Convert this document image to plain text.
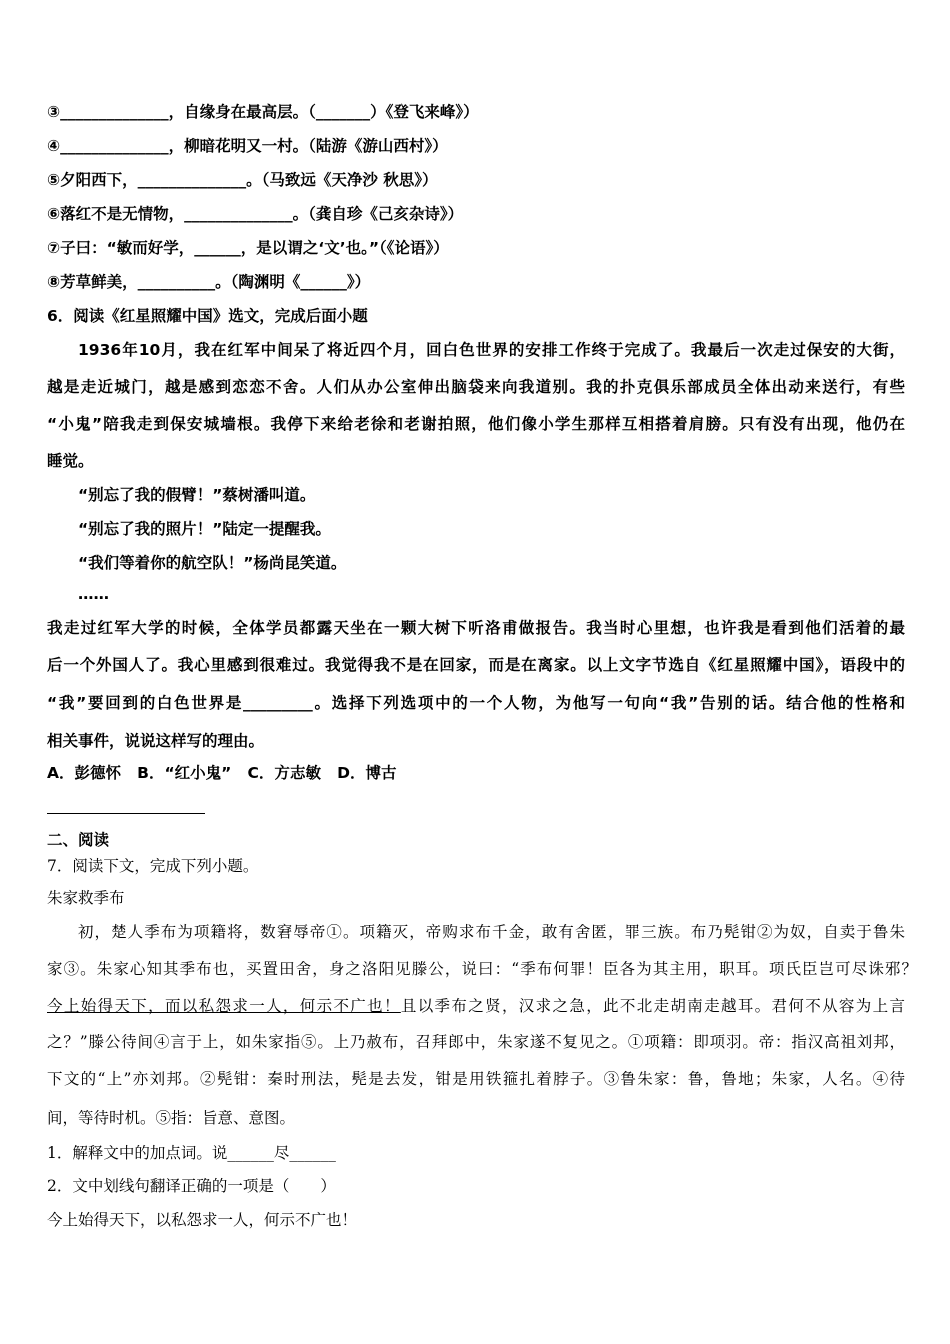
③______________，自缘身在最高层。（_______）《登飞来峰》）
④______________，柳暗花明又一村。（陆游《游山西村》）
⑤夕阳西下，______________。（马致远《天净沙 秋思》）
⑥落红不是无情物，______________。（龚自珍《己亥杂诗》）
⑦子曰：“敏而好学，______，是以谓之‘文’也。”（《论语》）
⑧芳草鲜美，__________。（陶渊明《______》）
6．阅读《红星照耀中国》选文，完成后面小题
1936年10月，我在红军中间呆了将近四个月，回白色世界的安排工作终于完成了。我最后一次走过保安的大街，
越是走近城门，越是感到恋恋不舍。人们从办公室伸出脑袋来向我道别。我的扑克俱乐部成员全体出动来送行，有些
“小鬼”陪我走到保安城墙根。我停下来给老徐和老谢拍照，他们像小学生那样互相搭着肩膀。只有没有出现，他仍在
睡觉。
“别忘了我的假臂！”蔡树潘叫道。
“别忘了我的照片！”陆定一提醒我。
“我们等着你的航空队！”杨尚昆笑道。
……
我走过红军大学的时候，全体学员都露天坐在一颗大树下听洛甫做报告。我当时心里想，也许我是看到他们活着的最
后一个外国人了。我心里感到很难过。我觉得我不是在回家，而是在离家。以上文字节选自《红星照耀中国》，语段中的
“我”要回到的白色世界是_________。选择下列选项中的一个人物，为他写一句向“我”告别的话。结合他的性格和
相关事件，说说这样写的理由。
A．彭德怀   B．“红小鬼”   C．方志敏   D．博古
二、阅读
7．阅读下文，完成下列小题。
朱家救季布
初，楚人季布为项籍将，数窘辱帝①。项籍灭，帝购求布千金，敢有舍匿，罪三族。布乃髡钳②为奴，自卖于鲁朱
家③。朱家心知其季布也，买置田舍，身之洛阳见滕公，说曰：“季布何罪！臣各为其主用，职耳。项氏臣岂可尽诛邪？
今上始得天下，而以私怨求一人，何示不广也！且以季布之贤，汉求之急，此不北走胡南走越耳。君何不从容为上言
之？”滕公待间④言于上，如朱家指⑤。上乃赦布，召拜郎中，朱家遂不复见之。①项籍：即项羽。帝：指汉高祖刘邦，
下文的“上”亦刘邦。②髡钳：秦时刑法，髡是去发，钳是用铁箍扎着脖子。③鲁朱家：鲁，鲁地；朱家，人名。④待
间，等待时机。⑤指：旨意、意图。
1．解释文中的加点词。说______尽______
2．文中划线句翻译正确的一项是（　　）
今上始得天下，以私怨求一人，何示不广也！
